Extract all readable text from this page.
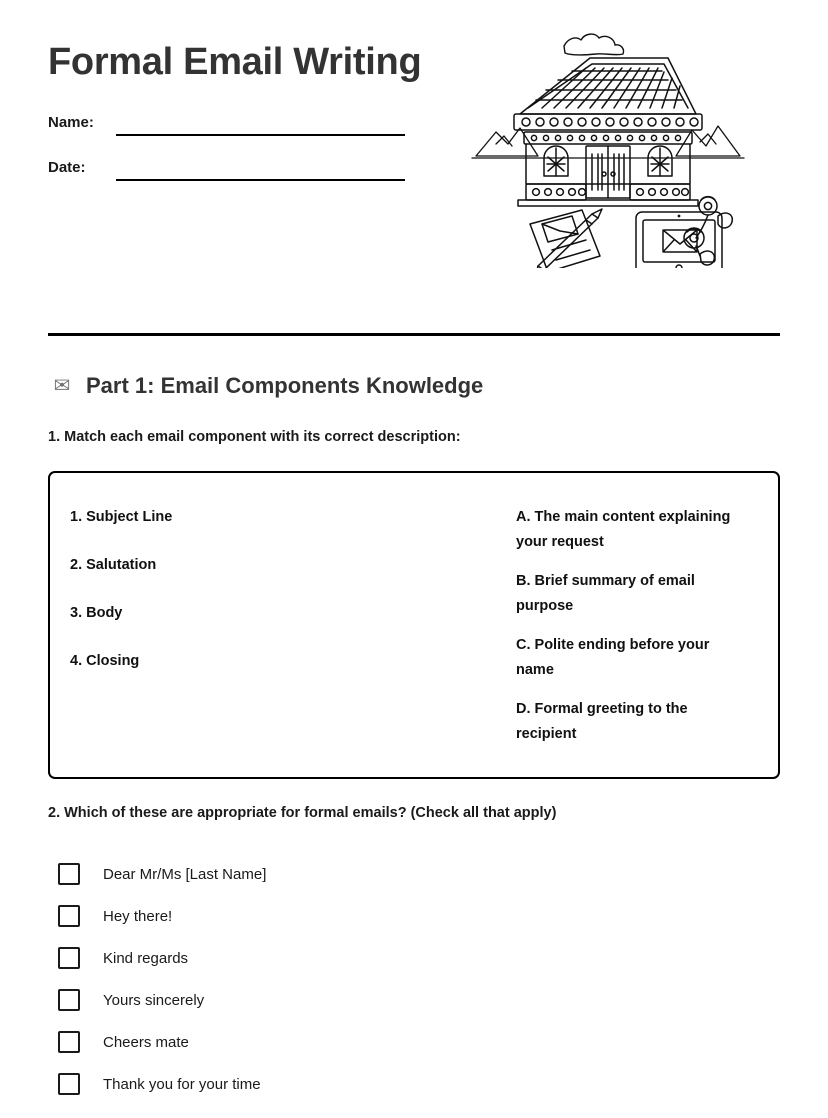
Formal Email Writing
Name:
Date:
✉ Part 1: Email Components Knowledge
1. Match each email component with its correct description:
1. Subject Line
2. Salutation
3. Body
4. Closing
A. The main content explaining your request
B. Brief summary of email purpose
C. Polite ending before your name
D. Formal greeting to the recipient
2. Which of these are appropriate for formal emails? (Check all that apply)
Dear Mr/Ms [Last Name]
Hey there!
Kind regards
Yours sincerely
Cheers mate
Thank you for your time
